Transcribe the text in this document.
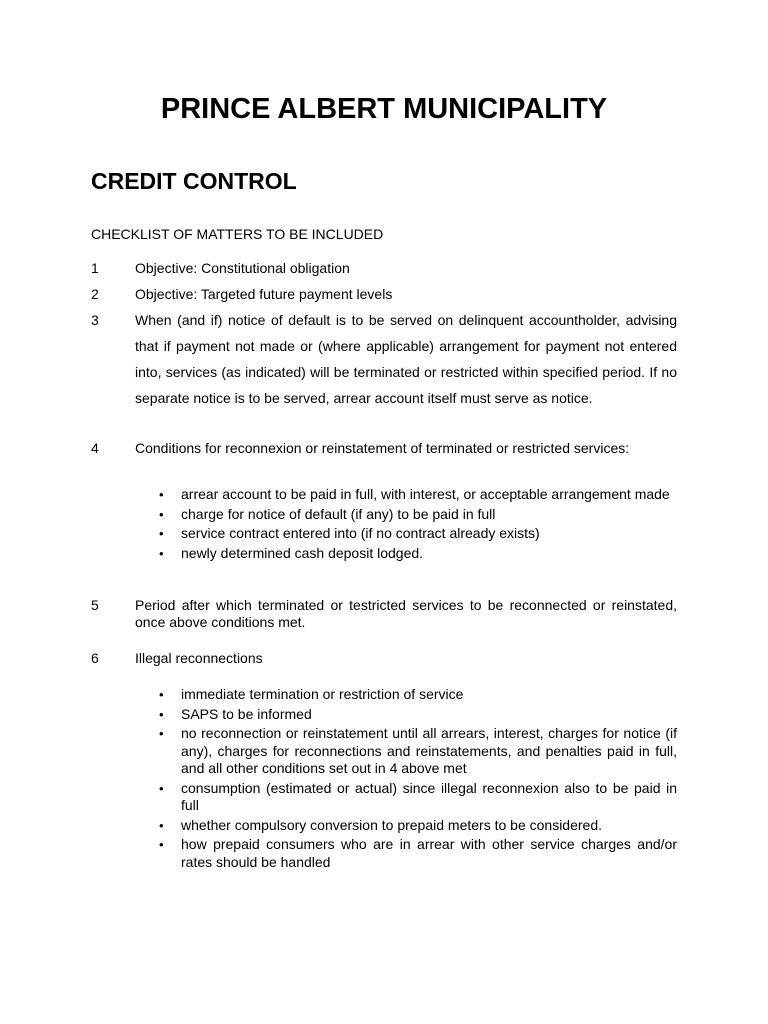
PRINCE ALBERT MUNICIPALITY
CREDIT CONTROL
CHECKLIST OF MATTERS TO BE INCLUDED
1	Objective: Constitutional obligation
2	Objective: Targeted future payment levels
3	When (and if) notice of default is to be served on delinquent accountholder, advising that if payment not made or (where applicable) arrangement for payment not entered into, services (as indicated) will be terminated or restricted within specified period. If no separate notice is to be served, arrear account itself must serve as notice.
4	Conditions for reconnexion or reinstatement of terminated or restricted services:
• arrear account to be paid in full, with interest, or acceptable arrangement made
• charge for notice of default (if any) to be paid in full
• service contract entered into (if no contract already exists)
• newly determined cash deposit lodged.
5	Period after which terminated or testricted services to be reconnected or reinstated, once above conditions met.
6	Illegal reconnections
• immediate termination or restriction of service
• SAPS to be informed
• no reconnection or reinstatement until all arrears, interest, charges for notice (if any), charges for reconnections and reinstatements, and penalties paid in full, and all other conditions set out in 4 above met
• consumption (estimated or actual) since illegal reconnexion also to be paid in full
• whether compulsory conversion to prepaid meters to be considered.
• how prepaid consumers who are in arrear with other service charges and/or rates should be handled
